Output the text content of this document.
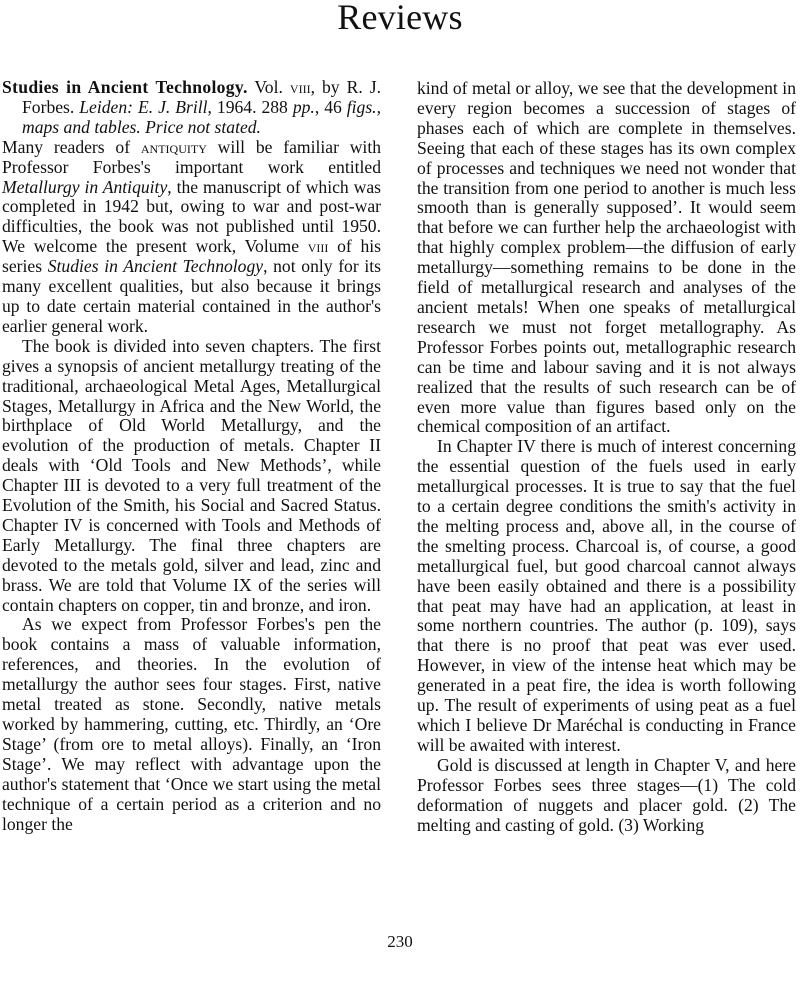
Reviews

Studies in Ancient Technology. Vol. viii, by R. J. Forbes. Leiden: E. J. Brill, 1964. 288 pp., 46 figs., maps and tables. Price not stated.

Many readers of antiquity will be familiar with Professor Forbes's important work entitled Metallurgy in Antiquity, the manuscript of which was completed in 1942 but, owing to war and post-war difficulties, the book was not published until 1950. We welcome the present work, Volume viii of his series Studies in Ancient Technology, not only for its many excellent qualities, but also because it brings up to date certain material contained in the author's earlier general work.

The book is divided into seven chapters. The first gives a synopsis of ancient metallurgy treating of the traditional, archaeological Metal Ages, Metallurgical Stages, Metallurgy in Africa and the New World, the birthplace of Old World Metallurgy, and the evolution of the production of metals. Chapter II deals with ‘Old Tools and New Methods’, while Chapter III is devoted to a very full treatment of the Evolution of the Smith, his Social and Sacred Status. Chapter IV is concerned with Tools and Methods of Early Metallurgy. The final three chapters are devoted to the metals gold, silver and lead, zinc and brass. We are told that Volume IX of the series will contain chapters on copper, tin and bronze, and iron.

As we expect from Professor Forbes's pen the book contains a mass of valuable information, references, and theories. In the evolution of metallurgy the author sees four stages. First, native metal treated as stone. Secondly, native metals worked by hammering, cutting, etc. Thirdly, an ‘Ore Stage’ (from ore to metal alloys). Finally, an ‘Iron Stage’. We may reflect with advantage upon the author's statement that ‘Once we start using the metal technique of a certain period as a criterion and no longer the

kind of metal or alloy, we see that the development in every region becomes a succession of stages of phases each of which are complete in themselves. Seeing that each of these stages has its own complex of processes and techniques we need not wonder that the transition from one period to another is much less smooth than is generally supposed’. It would seem that before we can further help the archaeologist with that highly complex problem—the diffusion of early metallurgy—something remains to be done in the field of metallurgical research and analyses of the ancient metals! When one speaks of metallurgical research we must not forget metallography. As Professor Forbes points out, metallographic research can be time and labour saving and it is not always realized that the results of such research can be of even more value than figures based only on the chemical composition of an artifact.

In Chapter IV there is much of interest concerning the essential question of the fuels used in early metallurgical processes. It is true to say that the fuel to a certain degree conditions the smith's activity in the melting process and, above all, in the course of the smelting process. Charcoal is, of course, a good metallurgical fuel, but good charcoal cannot always have been easily obtained and there is a possibility that peat may have had an application, at least in some northern countries. The author (p. 109), says that there is no proof that peat was ever used. However, in view of the intense heat which may be generated in a peat fire, the idea is worth following up. The result of experiments of using peat as a fuel which I believe Dr Maréchal is conducting in France will be awaited with interest.

Gold is discussed at length in Chapter V, and here Professor Forbes sees three stages—(1) The cold deformation of nuggets and placer gold. (2) The melting and casting of gold. (3) Working

230
